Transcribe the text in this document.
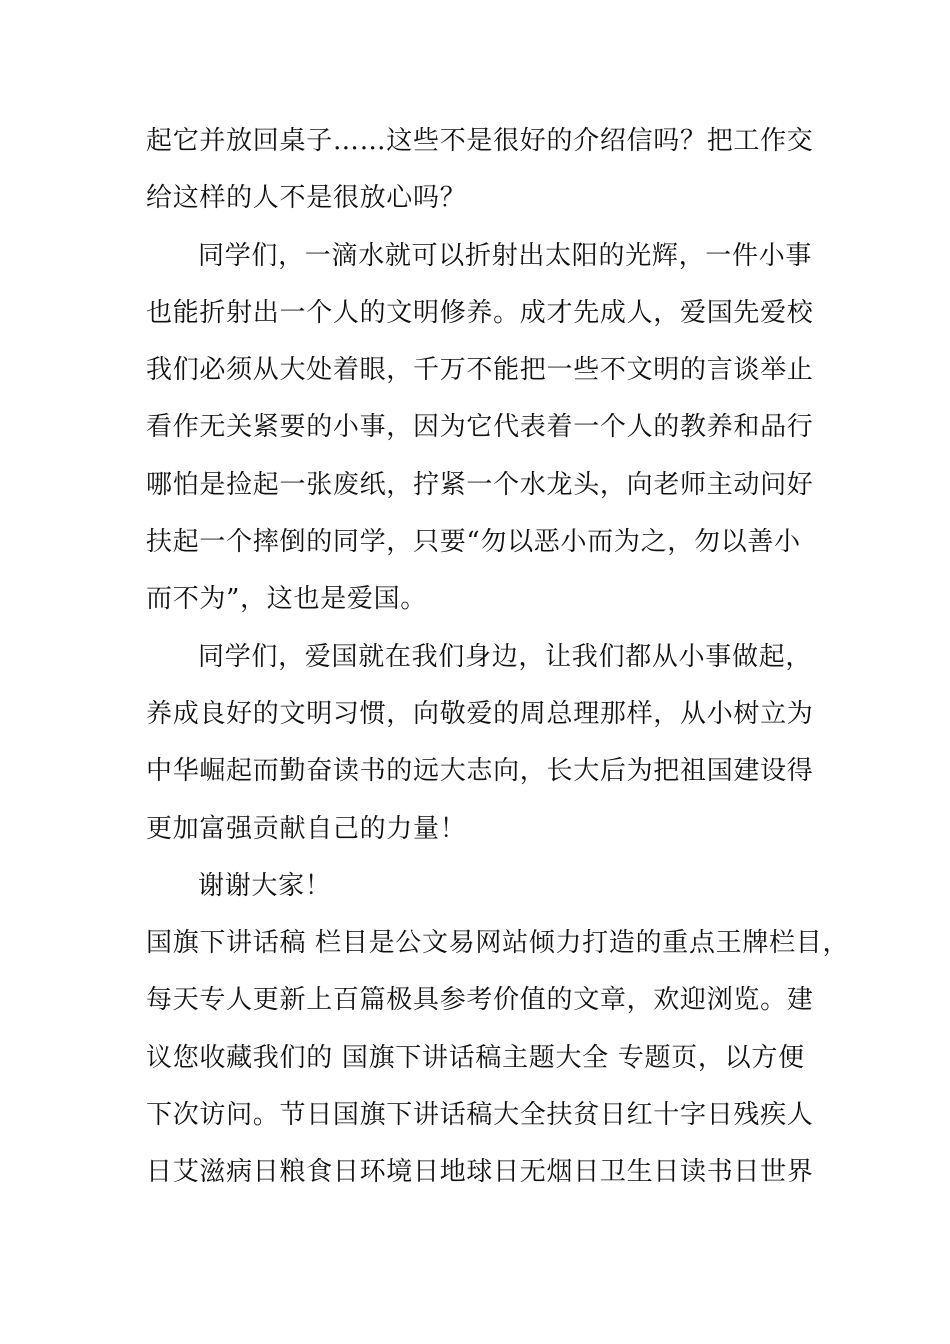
起它并放回桌子……这些不是很好的介绍信吗？把工作交
给这样的人不是很放心吗？
同学们，一滴水就可以折射出太阳的光辉，一件小事
也能折射出一个人的文明修养。成才先成人，爱国先爱校
我们必须从大处着眼，千万不能把一些不文明的言谈举止
看作无关紧要的小事，因为它代表着一个人的教养和品行
哪怕是捡起一张废纸，拧紧一个水龙头，向老师主动问好
扶起一个摔倒的同学，只要“勿以恶小而为之，勿以善小
而不为”，这也是爱国。
同学们，爱国就在我们身边，让我们都从小事做起，
养成良好的文明习惯，向敬爱的周总理那样，从小树立为
中华崛起而勤奋读书的远大志向，长大后为把祖国建设得
更加富强贡献自己的力量！
谢谢大家！
国旗下讲话稿 栏目是公文易网站倾力打造的重点王牌栏目，
每天专人更新上百篇极具参考价值的文章，欢迎浏览。建
议您收藏我们的 国旗下讲话稿主题大全 专题页，以方便
下次访问。节日国旗下讲话稿大全扶贫日红十字日残疾人
日艾滋病日粮食日环境日地球日无烟日卫生日读书日世界
